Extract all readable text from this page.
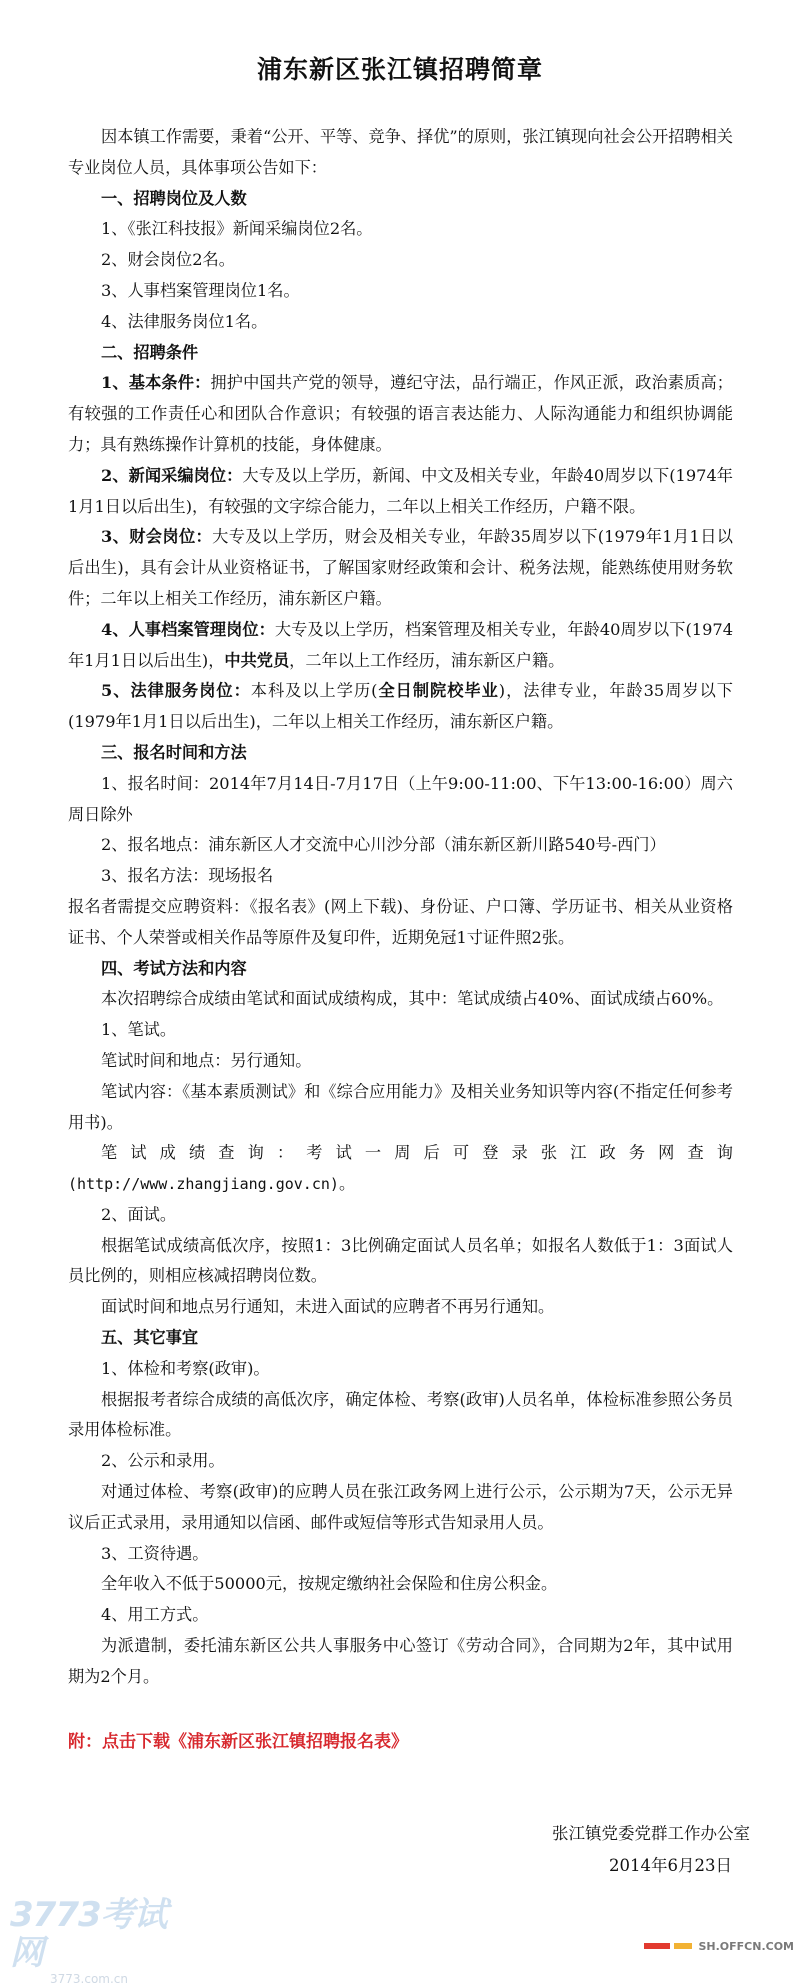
浦东新区张江镇招聘简章

因本镇工作需要，秉着“公开、平等、竞争、择优”的原则，张江镇现向社会公开招聘相关专业岗位人员，具体事项公告如下：

一、招聘岗位及人数

1、《张江科技报》新闻采编岗位2名。

2、财会岗位2名。

3、人事档案管理岗位1名。

4、法律服务岗位1名。

二、招聘条件

1、基本条件：拥护中国共产党的领导，遵纪守法，品行端正，作风正派，政治素质高；有较强的工作责任心和团队合作意识；有较强的语言表达能力、人际沟通能力和组织协调能力；具有熟练操作计算机的技能，身体健康。

2、新闻采编岗位：大专及以上学历，新闻、中文及相关专业，年龄40周岁以下(1974年1月1日以后出生)，有较强的文字综合能力，二年以上相关工作经历，户籍不限。

3、财会岗位：大专及以上学历，财会及相关专业，年龄35周岁以下(1979年1月1日以后出生)，具有会计从业资格证书，了解国家财经政策和会计、税务法规，能熟练使用财务软件；二年以上相关工作经历，浦东新区户籍。

4、人事档案管理岗位：大专及以上学历，档案管理及相关专业，年龄40周岁以下(1974年1月1日以后出生)，中共党员，二年以上工作经历，浦东新区户籍。

5、法律服务岗位：本科及以上学历(全日制院校毕业)，法律专业，年龄35周岁以下(1979年1月1日以后出生)，二年以上相关工作经历，浦东新区户籍。

三、报名时间和方法

1、报名时间：2014年7月14日-7月17日（上午9:00-11:00、下午13:00-16:00）周六周日除外

2、报名地点：浦东新区人才交流中心川沙分部（浦东新区新川路540号-西门）

3、报名方法：现场报名

报名者需提交应聘资料：《报名表》(网上下载)、身份证、户口簿、学历证书、相关从业资格证书、个人荣誉或相关作品等原件及复印件，近期免冠1寸证件照2张。

四、考试方法和内容

本次招聘综合成绩由笔试和面试成绩构成，其中：笔试成绩占40%、面试成绩占60%。

1、笔试。

笔试时间和地点：另行通知。

笔试内容：《基本素质测试》和《综合应用能力》及相关业务知识等内容(不指定任何参考用书)。

笔试成绩查询：考试一周后可登录张江政务网查询(http://www.zhangjiang.gov.cn)。

2、面试。

根据笔试成绩高低次序，按照1：3比例确定面试人员名单；如报名人数低于1：3面试人员比例的，则相应核减招聘岗位数。

面试时间和地点另行通知，未进入面试的应聘者不再另行通知。

五、其它事宜

1、体检和考察(政审)。

根据报考者综合成绩的高低次序，确定体检、考察(政审)人员名单，体检标准参照公务员录用体检标准。

2、公示和录用。

对通过体检、考察(政审)的应聘人员在张江政务网上进行公示，公示期为7天，公示无异议后正式录用，录用通知以信函、邮件或短信等形式告知录用人员。

3、工资待遇。

全年收入不低于50000元，按规定缴纳社会保险和住房公积金。

4、用工方式。

为派遣制，委托浦东新区公共人事服务中心签订《劳动合同》，合同期为2年，其中试用期为2个月。

附：点击下载《浦东新区张江镇招聘报名表》
张江镇党委党群工作办公室
2014年6月23日
3773考试网
3773.com.cn
SH.OFFCN.COM
